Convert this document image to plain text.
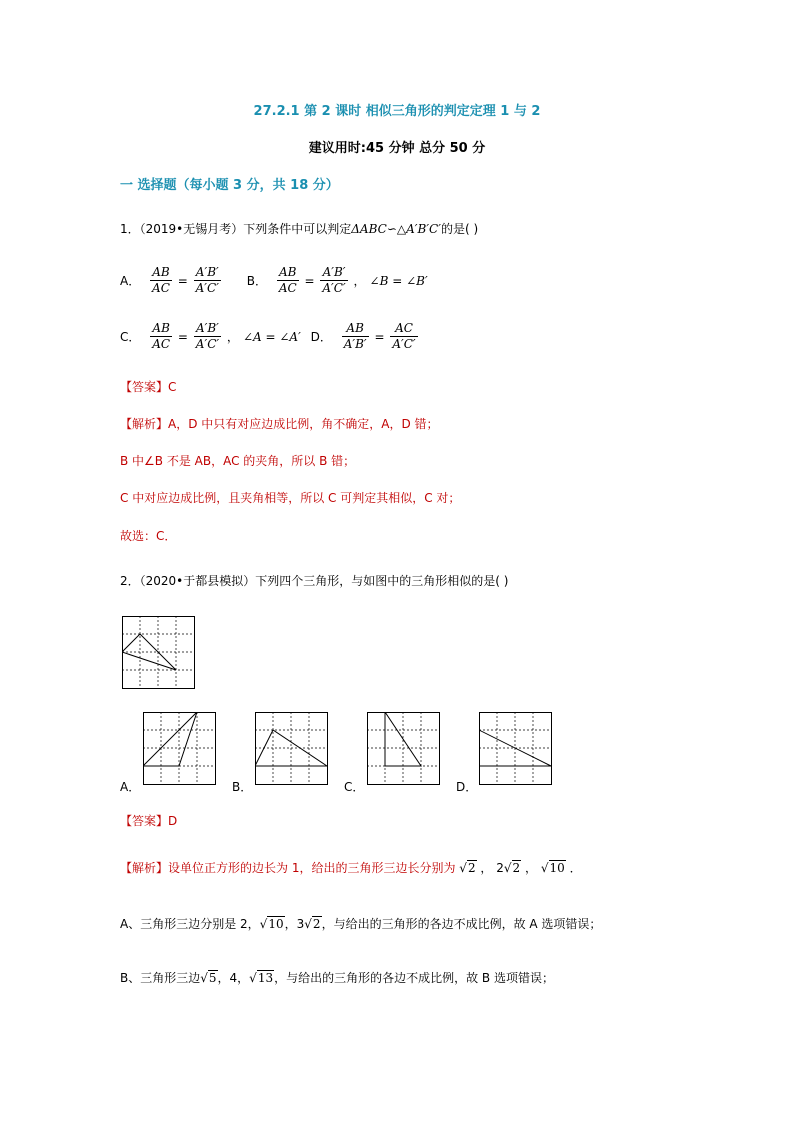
27.2.1 第 2 课时 相似三角形的判定定理 1 与 2
建议用时:45 分钟 总分 50 分
一 选择题（每小题 3 分，共 18 分）
1．（2019•无锡月考）下列条件中可以判定ΔABC∽△A′B′C′的是( )
A． $\frac{AB}{AC} = \frac{A'B'}{A'C'}$ B． $\frac{AB}{AC} = \frac{A'B'}{A'C'}$ ， ∠B = ∠B′
C． $\frac{AB}{AC} = \frac{A'B'}{A'C'}$ ， ∠A = ∠A′ D． $\frac{AB}{A'B'} = \frac{AC}{A'C'}$
【答案】C
【解析】A，D 中只有对应边成比例，角不确定，A，D 错；
B 中∠B 不是 AB，AC 的夹角，所以 B 错；
C 中对应边成比例，且夹角相等，所以 C 可判定其相似，C 对；
故选：C．
2．（2020•于都县模拟）下列四个三角形，与如图中的三角形相似的是( )
A．	B．	C．	D．
【答案】D
【解析】设单位正方形的边长为 1，给出的三角形三边长分别为 √2 ， 2√2 ， √10 ．
A、三角形三边分别是 2，√10，3√2，与给出的三角形的各边不成比例，故 A 选项错误；
B、三角形三边√5，4，√13，与给出的三角形的各边不成比例，故 B 选项错误；
